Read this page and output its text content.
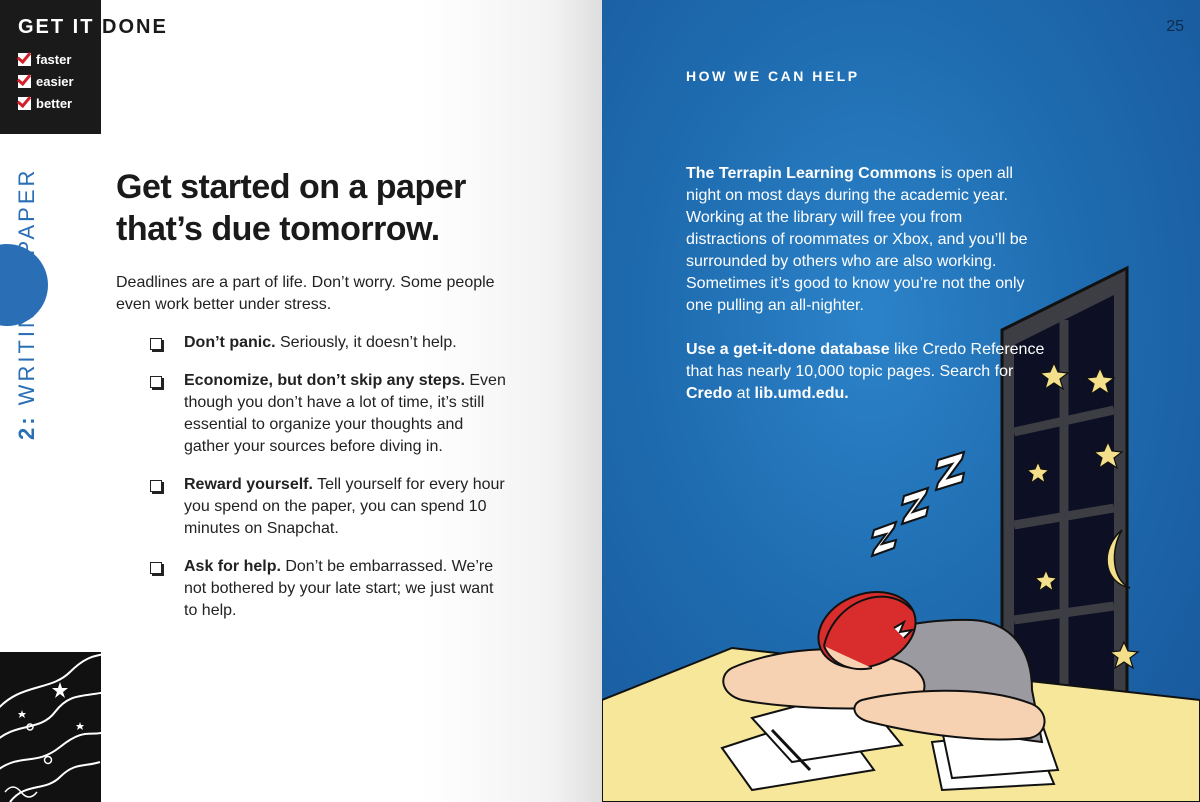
GET IT DONE
faster
easier
better
2: WRITING A PAPER Get started on a paper that’s due tomorrow.

Deadlines are a part of life. Don’t worry. Some people even work better under stress.

Don’t panic. Seriously, it doesn’t help.
Economize, but don’t skip any steps. Even though you don’t have a lot of time, it’s still essential to organize your thoughts and gather your sources before diving in.
Reward yourself. Tell yourself for every hour you spend on the paper, you can spend 10 minutes on Snapchat.
Ask for help. Don’t be embarrassed. We’re not bothered by your late start; we just want to help.
25
HOW WE CAN HELP

The Terrapin Learning Commons is open all night on most days during the academic year. Working at the library will free you from distractions of roommates or Xbox, and you’ll be surrounded by others who are also working. Sometimes it’s good to know you’re not the only one pulling an all-nighter.

Use a get-it-done database like Credo Reference that has nearly 10,000 topic pages. Search for Credo at lib.umd.edu.
